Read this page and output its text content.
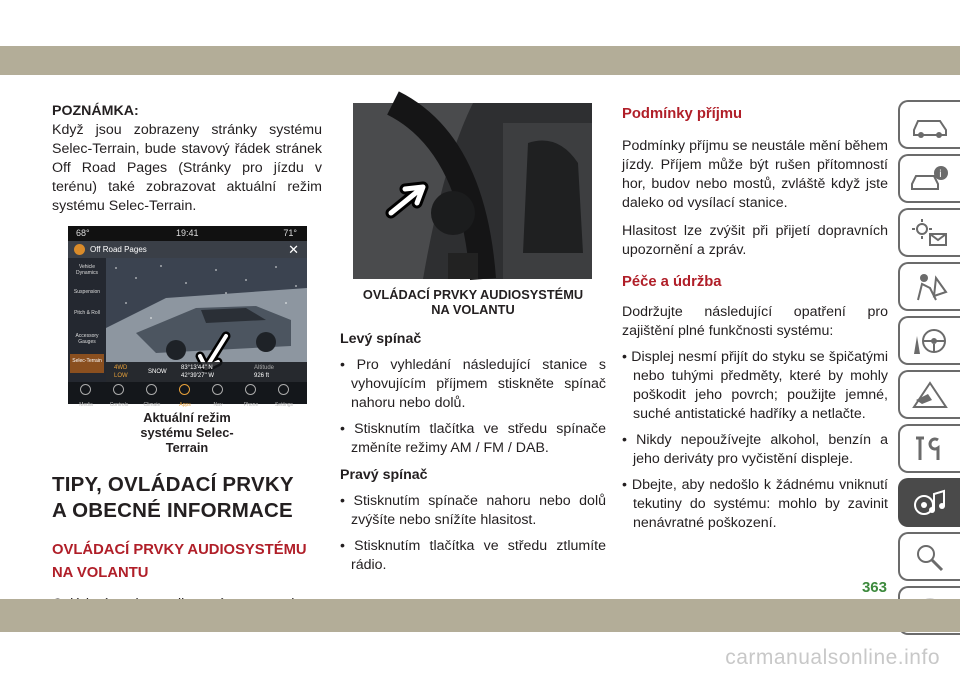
POZNÁMKA:

Když jsou zobrazeny stránky systému Selec-Terrain, bude stavový řádek stránek Off Road Pages (Stránky pro jízdu v terénu) také zobrazovat aktuální režim systému Selec-Terrain.

68°	19:41	71°
Off Road Pages	✕
Vehicle Dynamics
Suspension
Pitch & Roll
Accessory Gauges
Selec-Terrain
4WD
LOW
SNOW
83°13'44" N
42°39'27" W
Altitude
926 ft
Media	Controls	Climate	Apps	Nav	Phone	Settings

Aktuální režim systému Selec-Terrain

TIPY, OVLÁDACÍ PRVKY A OBECNÉ INFORMACE

OVLÁDACÍ PRVKY AUDIOSYSTÉMU NA VOLANTU

OVLÁDACÍ PRVKY AUDIOSYSTÉMU NA VOLANTU

Levý spínač

• Pro vyhledání následující stanice s vyhovujícím příjmem stiskněte spínač nahoru nebo dolů.

• Stisknutím tlačítka ve středu spínače změníte režimy AM / FM / DAB.

Pravý spínač

• Stisknutím spínače nahoru nebo dolů zvýšíte nebo snížíte hlasitost.

• Stisknutím tlačítka ve středu ztlumíte rádio.

Podmínky příjmu

Podmínky příjmu se neustále mění během jízdy. Příjem může být rušen přítomností hor, budov nebo mostů, zvláště když jste daleko od vysílací stanice.

Hlasitost lze zvýšit při přijetí dopravních upozornění a zpráv.

Péče a údržba

Dodržujte následující opatření pro zajištění plné funkčnosti systému:

• Displej nesmí přijít do styku se špičatými nebo tuhými předměty, které by mohly poškodit jeho povrch; použijte jemné, suché antistatické hadříky a netlačte.

• Nikdy nepoužívejte alkohol, benzín a jeho deriváty pro vyčistění displeje.

• Dbejte, aby nedošlo k žádnému vniknutí tekutiny do systému: mohlo by zavinit nenávratné poškození.

i
363
carmanualsonline.info
